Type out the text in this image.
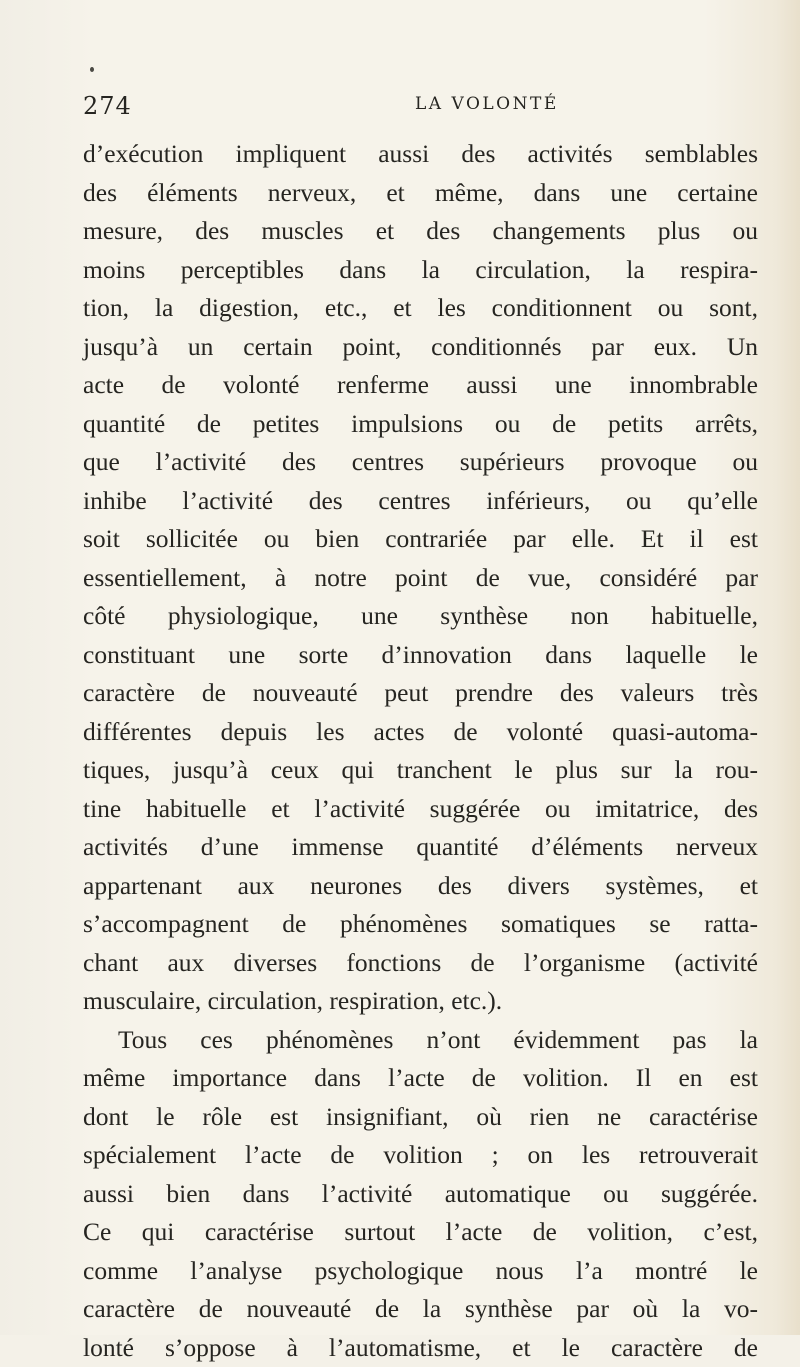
274	LA VOLONTÉ
d’exécution impliquent aussi des activités semblables
des éléments nerveux, et même, dans une certaine
mesure, des muscles et des changements plus ou
moins perceptibles dans la circulation, la respira-
tion, la digestion, etc., et les conditionnent ou sont,
jusqu’à un certain point, conditionnés par eux. Un
acte de volonté renferme aussi une innombrable
quantité de petites impulsions ou de petits arrêts,
que l’activité des centres supérieurs provoque ou
inhibe l’activité des centres inférieurs, ou qu’elle
soit sollicitée ou bien contrariée par elle. Et il est
essentiellement, à notre point de vue, considéré par
côté physiologique, une synthèse non habituelle,
constituant une sorte d’innovation dans laquelle le
caractère de nouveauté peut prendre des valeurs très
différentes depuis les actes de volonté quasi-automa-
tiques, jusqu’à ceux qui tranchent le plus sur la rou-
tine habituelle et l’activité suggérée ou imitatrice, des
activités d’une immense quantité d’éléments nerveux
appartenant aux neurones des divers systèmes, et
s’accompagnent de phénomènes somatiques se ratta-
chant aux diverses fonctions de l’organisme (activité
musculaire, circulation, respiration, etc.).
Tous ces phénomènes n’ont évidemment pas la
même importance dans l’acte de volition. Il en est
dont le rôle est insignifiant, où rien ne caractérise
spécialement l’acte de volition ; on les retrouverait
aussi bien dans l’activité automatique ou suggérée.
Ce qui caractérise surtout l’acte de volition, c’est,
comme l’analyse psychologique nous l’a montré le
caractère de nouveauté de la synthèse par où la vo-
lonté s’oppose à l’automatisme, et le caractère de
